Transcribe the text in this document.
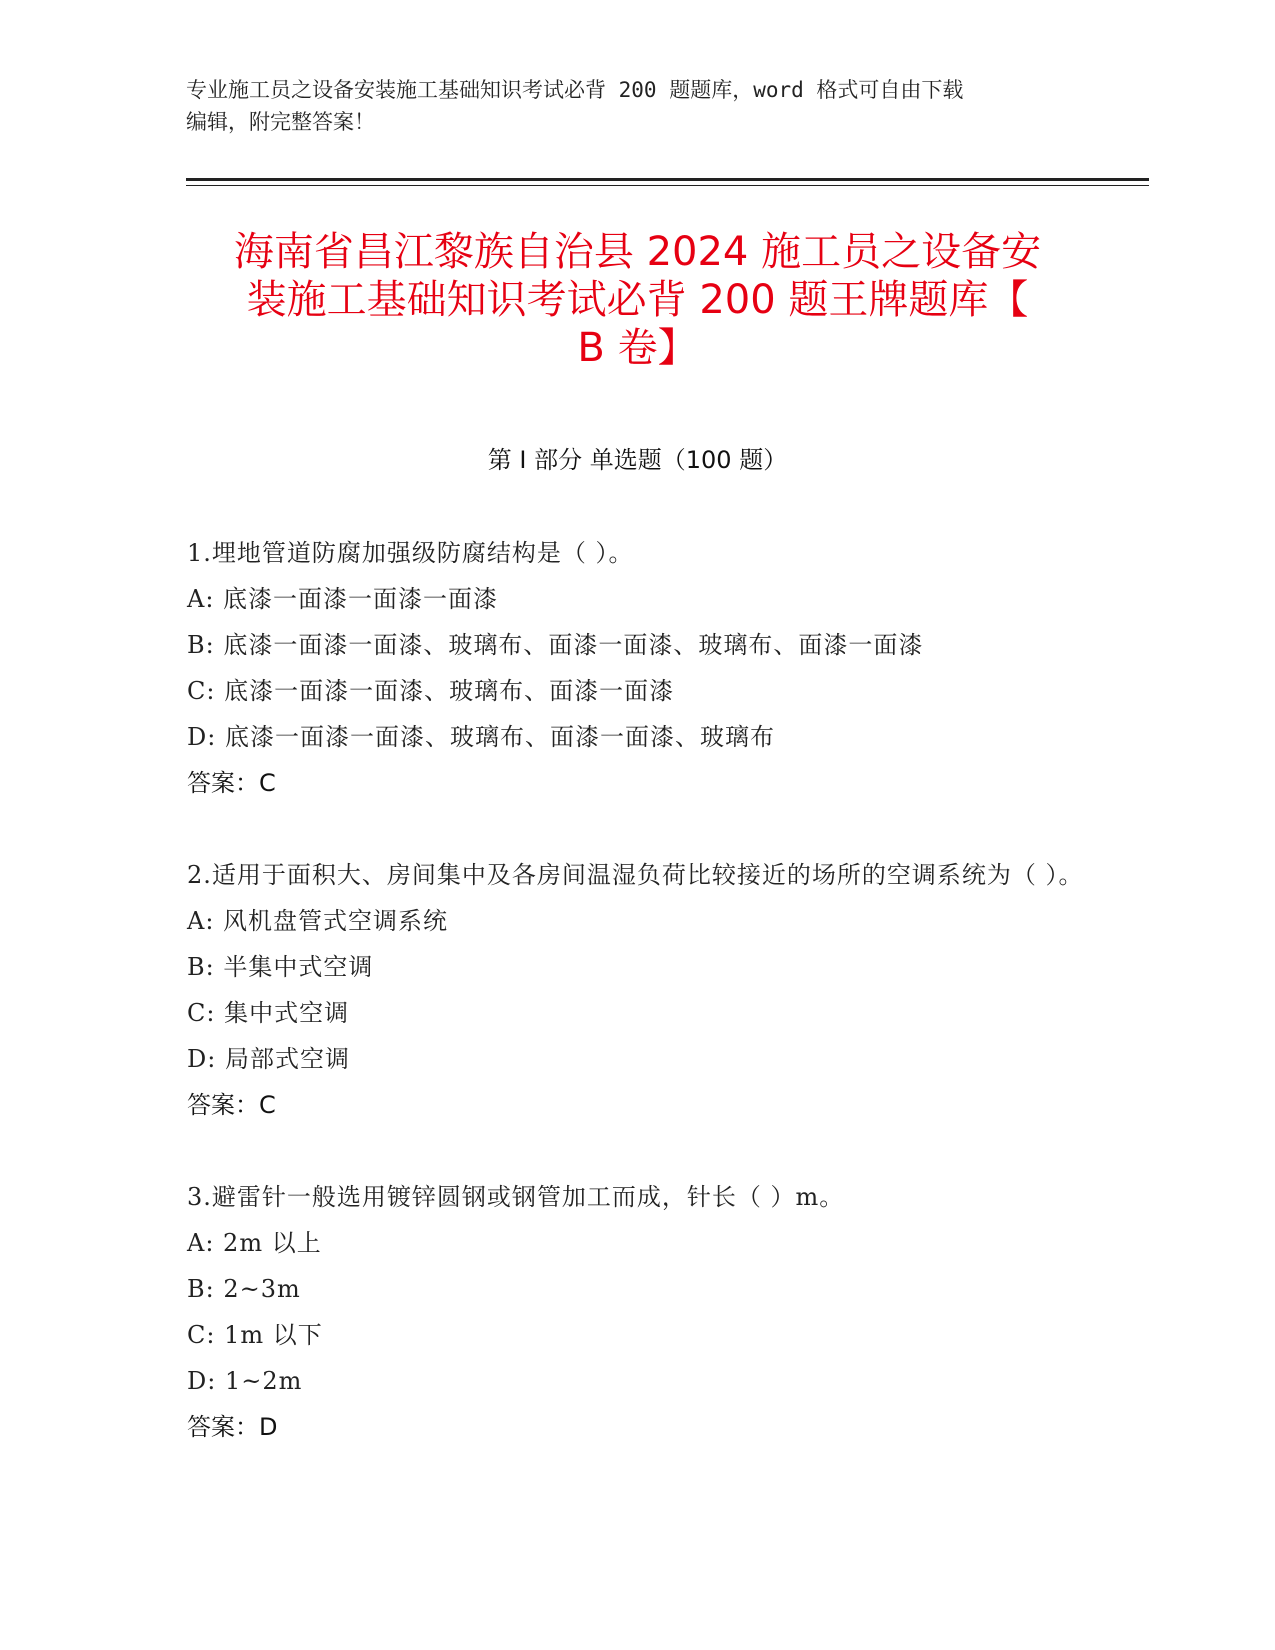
专业施工员之设备安装施工基础知识考试必背 200 题题库，word 格式可自由下载
编辑，附完整答案！
海南省昌江黎族自治县 2024 施工员之设备安
装施工基础知识考试必背 200 题王牌题库【
B 卷】
第 I 部分 单选题（100 题）
1.埋地管道防腐加强级防腐结构是（ ）。
A: 底漆一面漆一面漆一面漆
B: 底漆一面漆一面漆、玻璃布、面漆一面漆、玻璃布、面漆一面漆
C: 底漆一面漆一面漆、玻璃布、面漆一面漆
D: 底漆一面漆一面漆、玻璃布、面漆一面漆、玻璃布
答案：C
2.适用于面积大、房间集中及各房间温湿负荷比较接近的场所的空调系统为（ ）。
A: 风机盘管式空调系统
B: 半集中式空调
C: 集中式空调
D: 局部式空调
答案：C
3.避雷针一般选用镀锌圆钢或钢管加工而成，针长（ ）m。
A: 2m 以上
B: 2~3m
C: 1m 以下
D: 1~2m
答案：D
